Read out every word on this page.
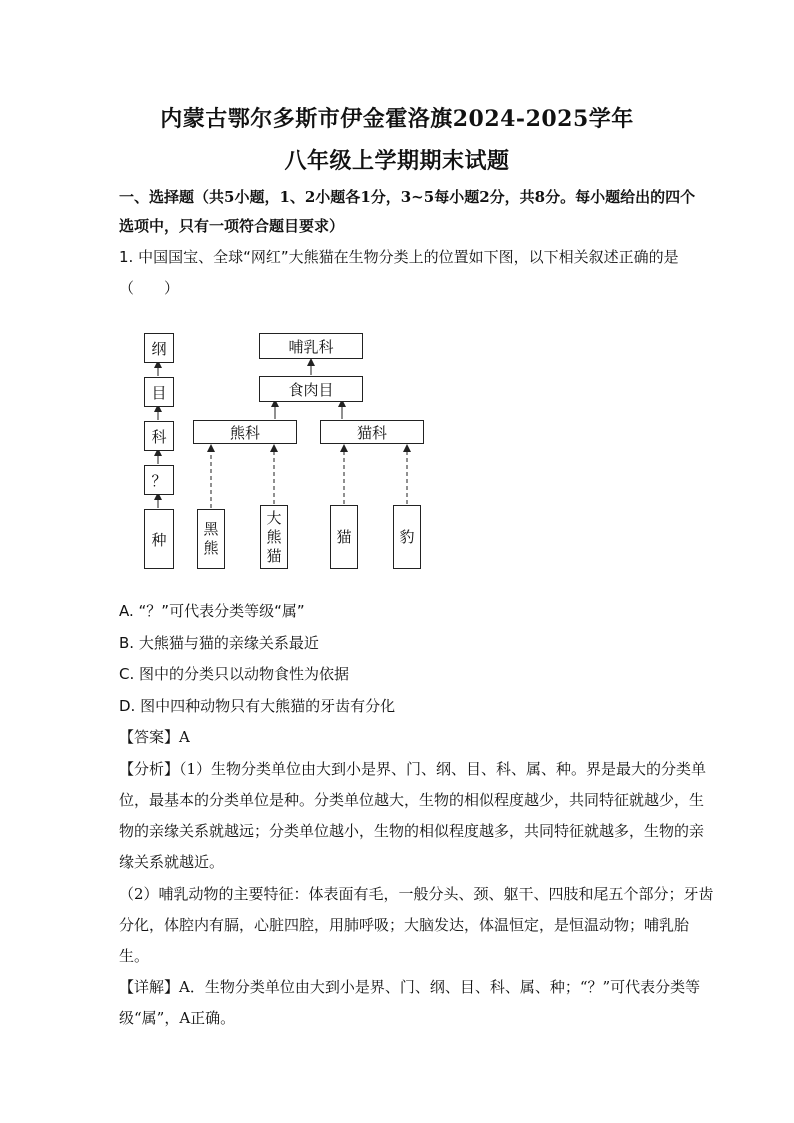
内蒙古鄂尔多斯市伊金霍洛旗2024-2025学年
八年级上学期期末试题
一、选择题（共5小题，1、2小题各1分，3~5每小题2分，共8分。每小题给出的四个
选项中，只有一项符合题目要求）
1. 中国国宝、全球“网红”大熊猫在生物分类上的位置如下图，以下相关叙述正确的是
（　　）
纲
目
科
？
种
哺乳科
食肉目
熊科	猫科
黑
熊
大
熊
猫
猫	豹
A. “？”可代表分类等级“属”
B. 大熊猫与猫的亲缘关系最近
C. 图中的分类只以动物食性为依据
D. 图中四种动物只有大熊猫的牙齿有分化
【答案】A
【分析】（1）生物分类单位由大到小是界、门、纲、目、科、属、种。界是最大的分类单
位，最基本的分类单位是种。分类单位越大，生物的相似程度越少，共同特征就越少，生
物的亲缘关系就越远；分类单位越小，生物的相似程度越多，共同特征就越多，生物的亲
缘关系就越近。
（2）哺乳动物的主要特征：体表面有毛，一般分头、颈、躯干、四肢和尾五个部分；牙齿
分化，体腔内有膈，心脏四腔，用肺呼吸；大脑发达，体温恒定，是恒温动物；哺乳胎
生。
【详解】A．生物分类单位由大到小是界、门、纲、目、科、属、种；“？”可代表分类等
级“属”，A正确。
